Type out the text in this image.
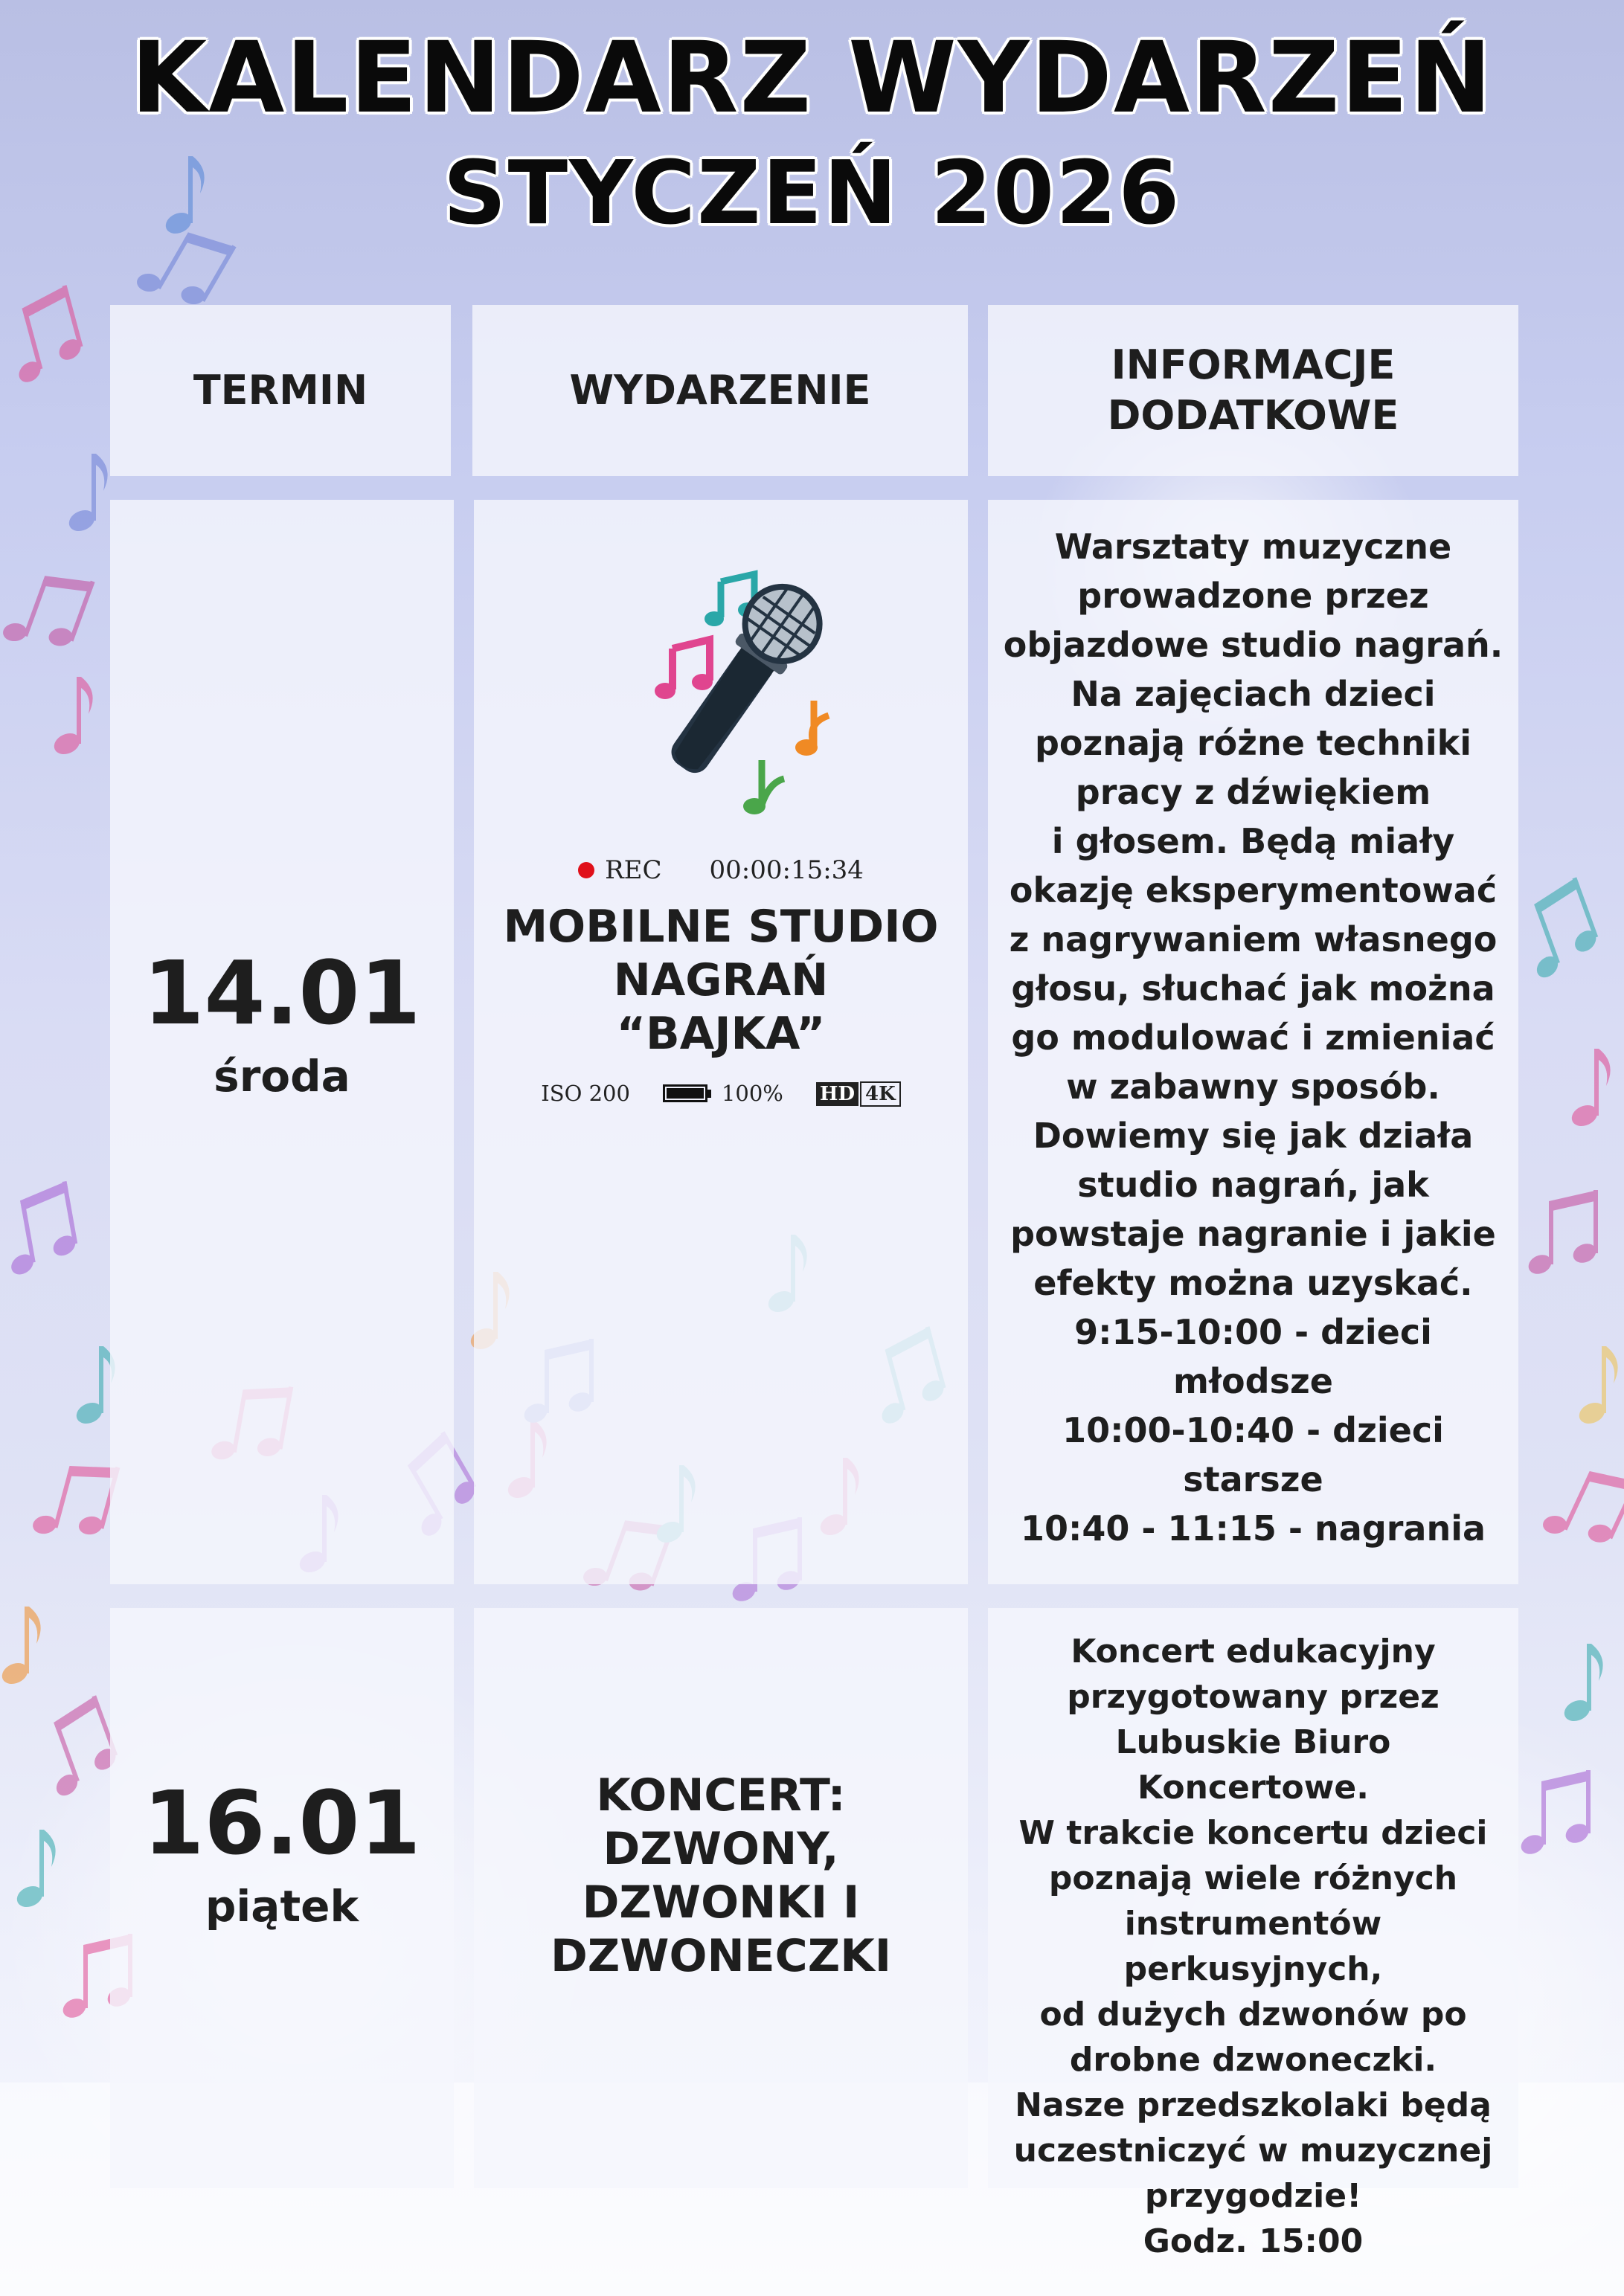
KALENDARZ WYDARZEŃ
STYCZEŃ 2026
TERMIN	WYDARZENIE
INFORMACJE DODATKOWE
14.01
środa
REC 00:00:15:34
MOBILNE STUDIO
NAGRAŃ
“BAJKA”
ISO 200	100% HD 4K
Warsztaty muzyczne
prowadzone przez
objazdowe studio nagrań.
Na zajęciach dzieci
poznają różne techniki
pracy z dźwiękiem
i głosem. Będą miały
okazję eksperymentować
z nagrywaniem własnego
głosu, słuchać jak można
go modulować i zmieniać
w zabawny sposób.
Dowiemy się jak działa
studio nagrań, jak
powstaje nagranie i jakie
efekty można uzyskać.
9:15-10:00 - dzieci
młodsze
10:00-10:40 - dzieci
starsze
10:40 - 11:15 - nagrania
16.01
piątek
KONCERT:
DZWONY,
DZWONKI I
DZWONECZKI
Koncert edukacyjny
przygotowany przez
Lubuskie Biuro Koncertowe.
W trakcie koncertu dzieci
poznają wiele różnych
instrumentów perkusyjnych,
od dużych dzwonów po
drobne dzwoneczki.
Nasze przedszkolaki będą
uczestniczyć w muzycznej
przygodzie!
Godz. 15:00
